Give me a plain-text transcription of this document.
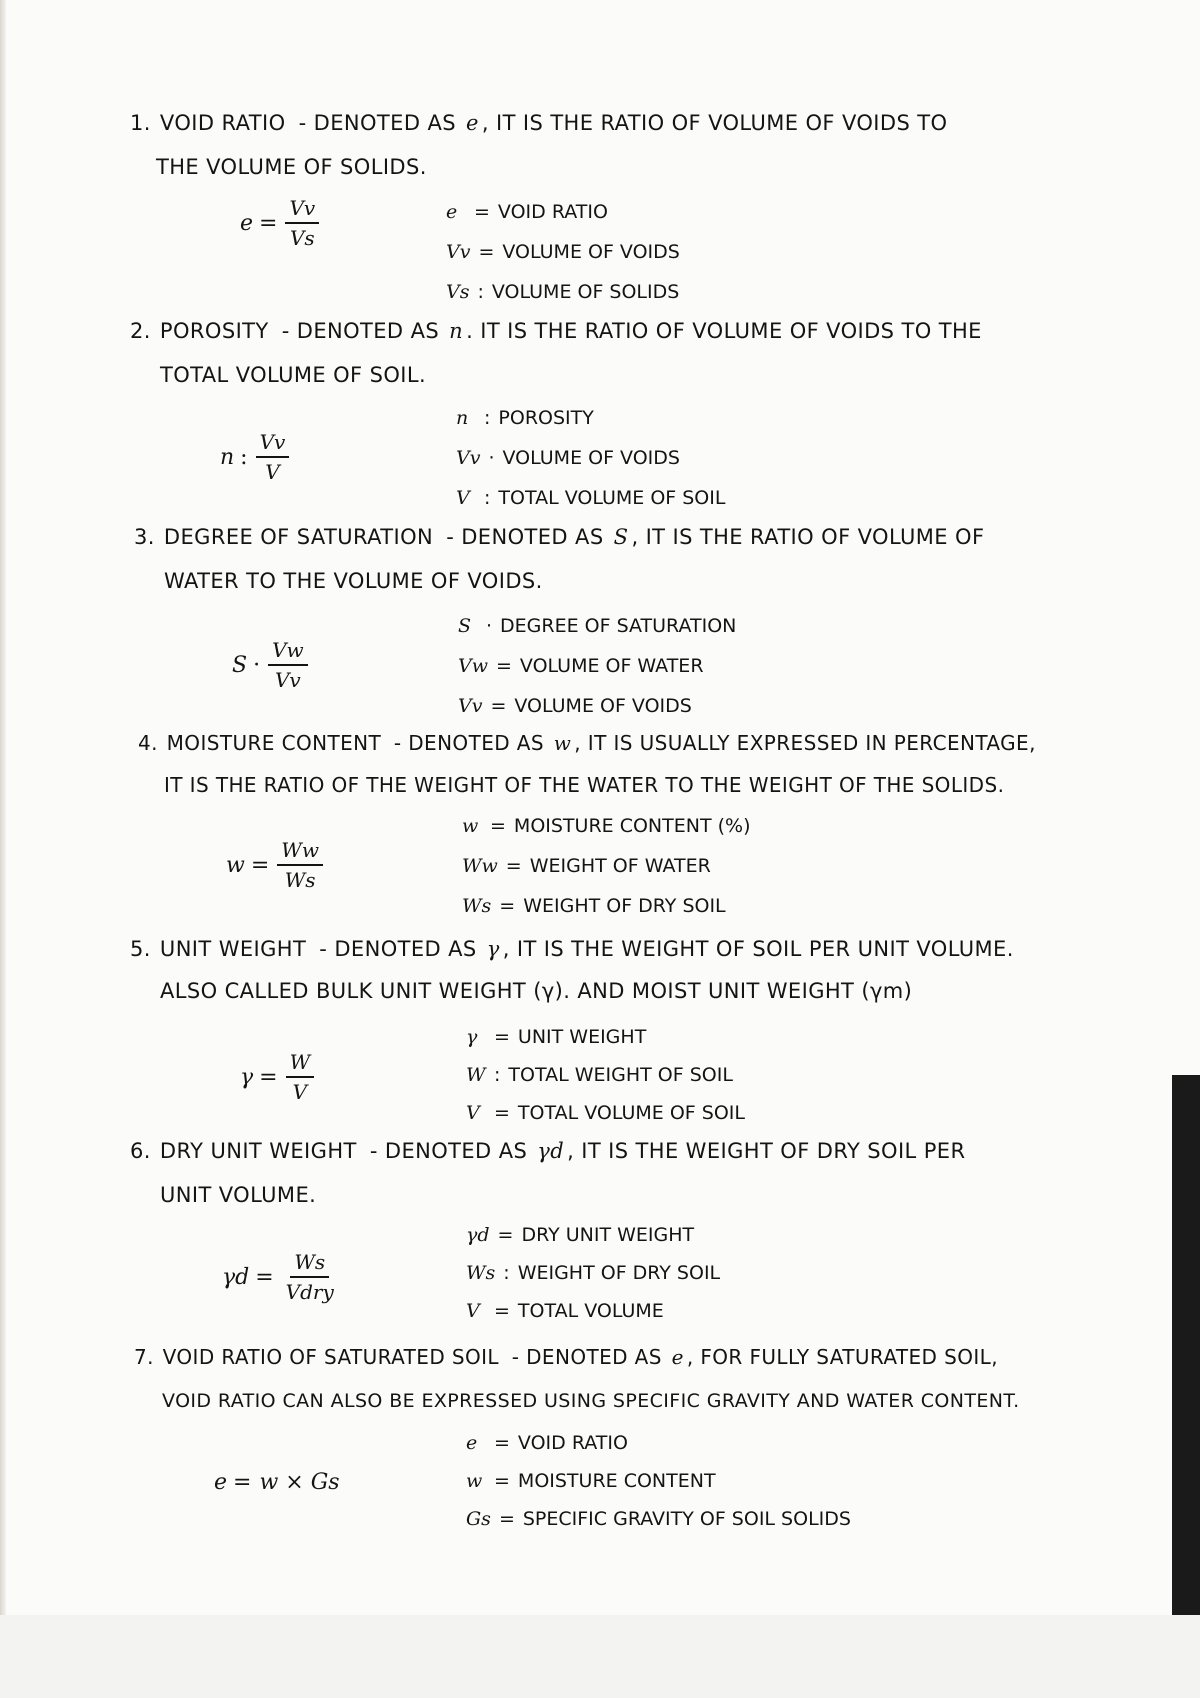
1. VOID RATIO - DENOTED AS e , IT IS THE RATIO OF VOLUME OF VOIDS TO

THE VOLUME OF SOLIDS.

$e = \frac{Vv}{Vs}$	e = VOID RATIO
Vv = VOLUME OF VOIDS
Vs : VOLUME OF SOLIDS

2. POROSITY - DENOTED AS n . IT IS THE RATIO OF VOLUME OF VOIDS TO THE

TOTAL VOLUME OF SOIL.

n : $\frac{Vv}{V}$
n : POROSITY
Vv · VOLUME OF VOIDS
V : TOTAL VOLUME OF SOIL

3. DEGREE OF SATURATION - DENOTED AS S , IT IS THE RATIO OF VOLUME OF

WATER TO THE VOLUME OF VOIDS.

$S \cdot \frac{Vw}{Vv}$
S · DEGREE OF SATURATION
Vw = VOLUME OF WATER
Vv = VOLUME OF VOIDS

4. MOISTURE CONTENT - DENOTED AS w , IT IS USUALLY EXPRESSED IN PERCENTAGE,

IT IS THE RATIO OF THE WEIGHT OF THE WATER TO THE WEIGHT OF THE SOLIDS.

$w = \frac{Ww}{Ws}$
w = MOISTURE CONTENT (%)
Ww = WEIGHT OF WATER
Ws = WEIGHT OF DRY SOIL

5. UNIT WEIGHT - DENOTED AS γ , IT IS THE WEIGHT OF SOIL PER UNIT VOLUME.

ALSO CALLED BULK UNIT WEIGHT (γ). AND MOIST UNIT WEIGHT (γm)

$\gamma = \frac{W}{V}$
γ = UNIT WEIGHT
W : TOTAL WEIGHT OF SOIL
V = TOTAL VOLUME OF SOIL

6. DRY UNIT WEIGHT - DENOTED AS γd , IT IS THE WEIGHT OF DRY SOIL PER

UNIT VOLUME.

$\gamma d = \frac{Ws}{\text{Vdry}}$
γd = DRY UNIT WEIGHT
Ws : WEIGHT OF DRY SOIL
V = TOTAL VOLUME

7. VOID RATIO OF SATURATED SOIL - DENOTED AS e , FOR FULLY SATURATED SOIL,

VOID RATIO CAN ALSO BE EXPRESSED USING SPECIFIC GRAVITY AND WATER CONTENT.

e = w × Gs
e = VOID RATIO
w = MOISTURE CONTENT
Gs = SPECIFIC GRAVITY OF SOIL SOLIDS
